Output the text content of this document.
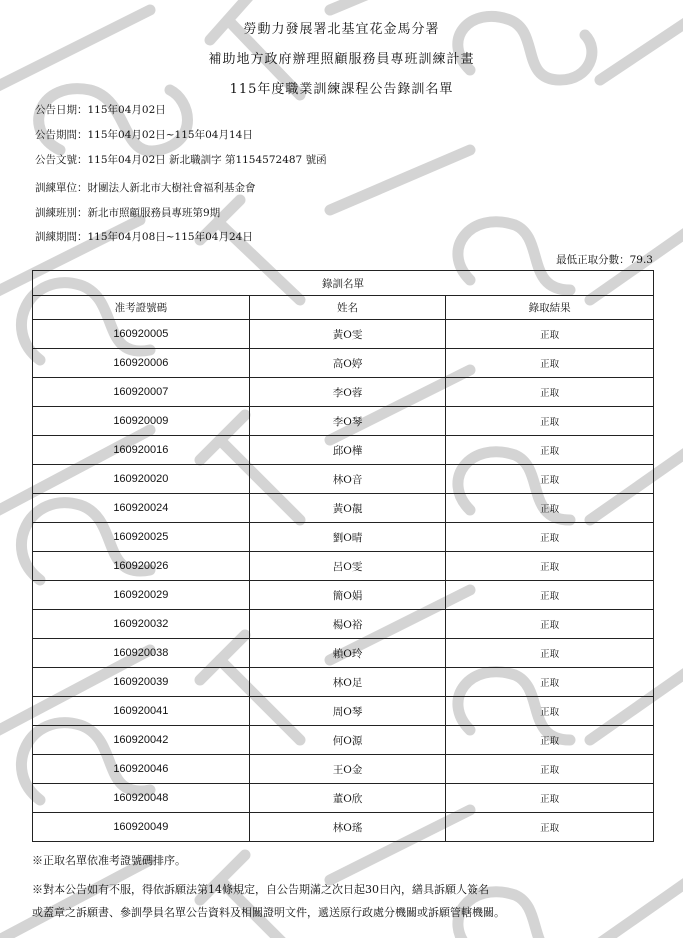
勞動力發展署北基宜花金馬分署
補助地方政府辦理照顧服務員專班訓練計畫
115年度職業訓練課程公告錄訓名單
公告日期：115年04月02日
公告期間：115年04月02日~115年04月14日
公告文號：115年04月02日 新北職訓字 第1154572487 號函
訓練單位：財團法人新北市大樹社會福利基金會
訓練班別：新北市照顧服務員專班第9期
訓練期間：115年04月08日~115年04月24日
最低正取分數：79.3
錄訓名單		
准考證號碼	姓名	錄取結果
160920005	黃O雯	正取
160920006	高O婷	正取
160920007	李O蓉	正取
160920009	李O琴	正取
160920016	邱O樺	正取
160920020	林O音	正取
160920024	黃O靚	正取
160920025	劉O晴	正取
160920026	呂O雯	正取
160920029	簡O娟	正取
160920032	楊O裕	正取
160920038	賴O玲	正取
160920039	林O足	正取
160920041	周O琴	正取
160920042	何O源	正取
160920046	王O金	正取
160920048	董O欣	正取
160920049	林O瑤	正取
※正取名單依准考證號碼排序。
※對本公告如有不服，得依訴願法第14條規定，自公告期滿之次日起30日內，繕具訴願人簽名
或蓋章之訴願書、參訓學員名單公告資料及相關證明文件，遞送原行政處分機關或訴願管轄機關。
